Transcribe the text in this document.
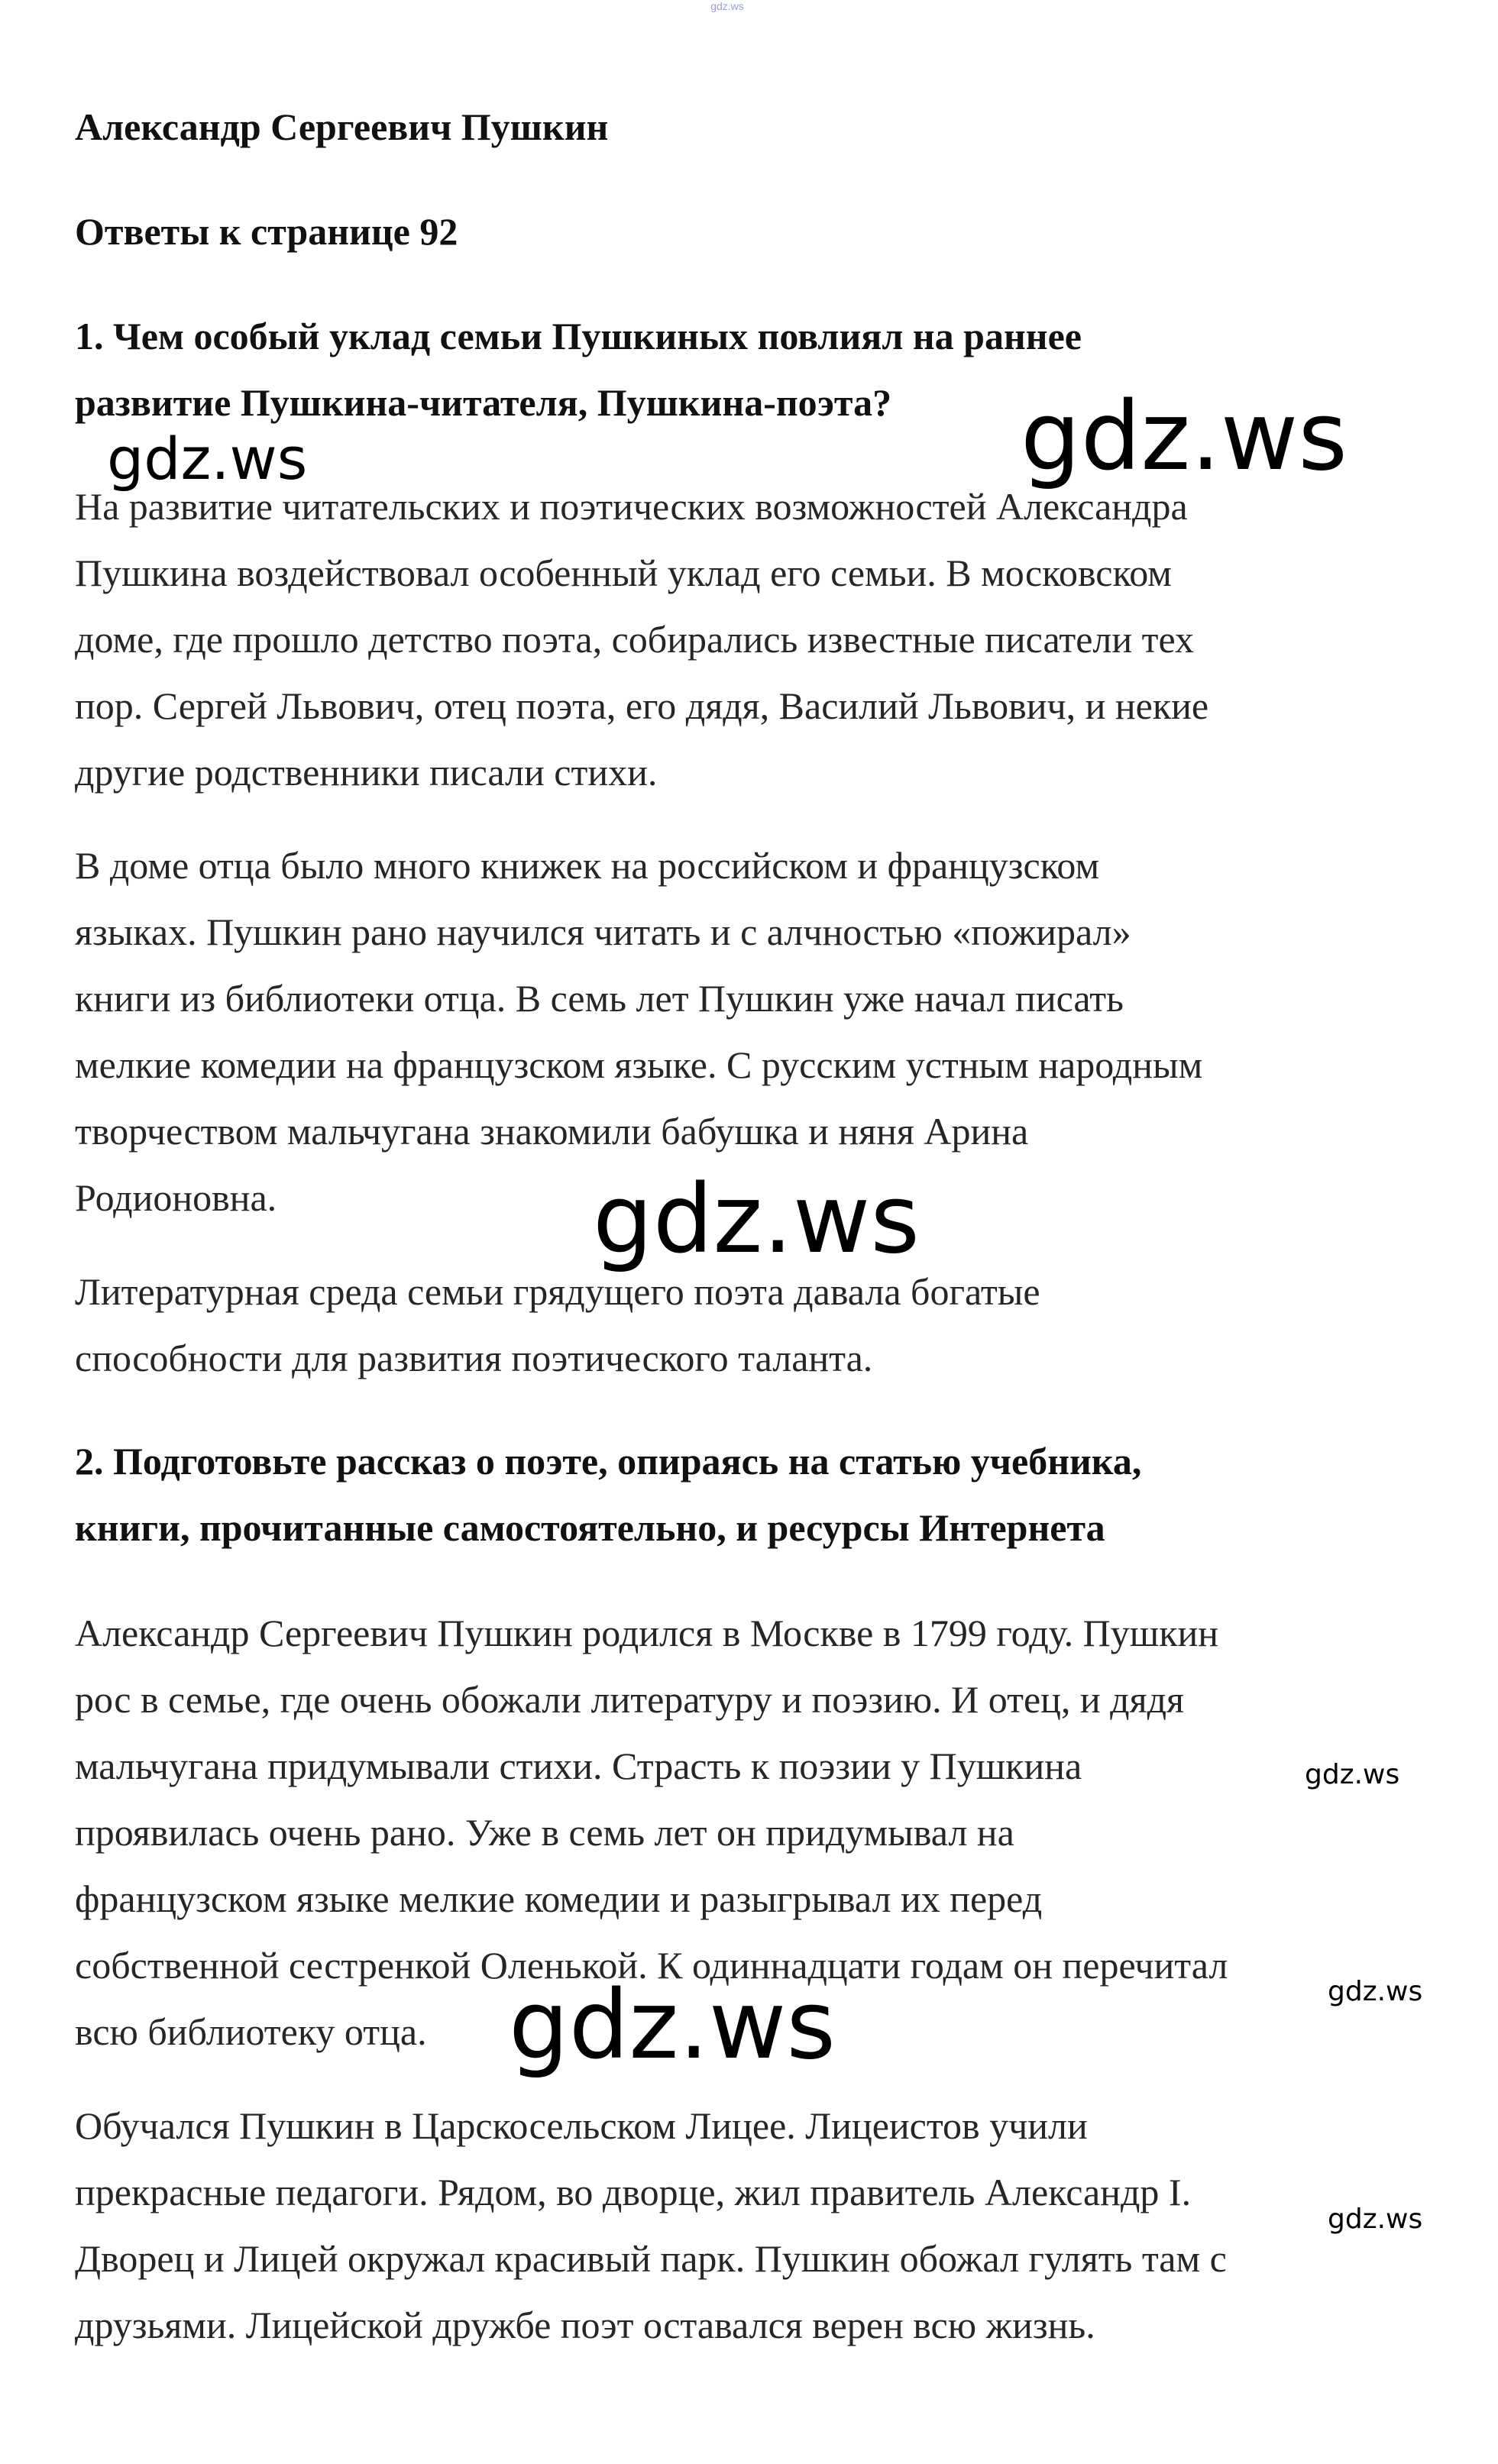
gdz.ws
Александр Сергеевич Пушкин
Ответы к странице 92
1. Чем особый уклад семьи Пушкиных повлиял на раннее
развитие Пушкина-читателя, Пушкина-поэта?
На развитие читательских и поэтических возможностей Александра
Пушкина воздействовал особенный уклад его семьи. В московском
доме, где прошло детство поэта, собирались известные писатели тех
пор. Сергей Львович, отец поэта, его дядя, Василий Львович, и некие
другие родственники писали стихи.
В доме отца было много книжек на российском и французском
языках. Пушкин рано научился читать и с алчностью «пожирал»
книги из библиотеки отца. В семь лет Пушкин уже начал писать
мелкие комедии на французском языке. С русским устным народным
творчеством мальчугана знакомили бабушка и няня Арина
Родионовна.
Литературная среда семьи грядущего поэта давала богатые
способности для развития поэтического таланта.
2. Подготовьте рассказ о поэте, опираясь на статью учебника,
книги, прочитанные самостоятельно, и ресурсы Интернета
Александр Сергеевич Пушкин родился в Москве в 1799 году. Пушкин
рос в семье, где очень обожали литературу и поэзию. И отец, и дядя
мальчугана придумывали стихи. Страсть к поэзии у Пушкина
проявилась очень рано. Уже в семь лет он придумывал на
французском языке мелкие комедии и разыгрывал их перед
собственной сестренкой Оленькой. К одиннадцати годам он перечитал
всю библиотеку отца.
Обучался Пушкин в Царскосельском Лицее. Лицеистов учили
прекрасные педагоги. Рядом, во дворце, жил правитель Александр I.
Дворец и Лицей окружал красивый парк. Пушкин обожал гулять там с
друзьями. Лицейской дружбе поэт оставался верен всю жизнь.
gdz.ws	gdz.ws
gdz.ws
gdz.ws
gdz.ws
gdz.ws
gdz.ws
